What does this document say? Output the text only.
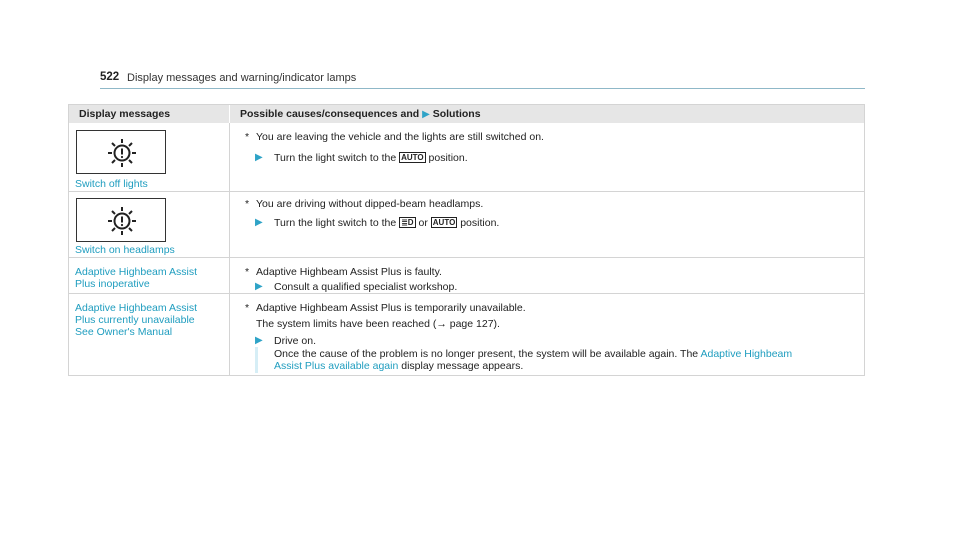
522 Display messages and warning/indicator lamps
Display messages	Possible causes/consequences and ▶ Solutions
Switch off lights
* You are leaving the vehicle and the lights are still switched on.
▶ Turn the light switch to the AUTO position.
Switch on headlamps
* You are driving without dipped-beam headlamps.
▶ Turn the light switch to the ≣D or AUTO position.
Adaptive Highbeam Assist
Plus inoperative
* Adaptive Highbeam Assist Plus is faulty.
▶ Consult a qualified specialist workshop.
Adaptive Highbeam Assist
Plus currently unavailable
See Owner's Manual
* Adaptive Highbeam Assist Plus is temporarily unavailable.
The system limits have been reached (→ page 127).
▶ Drive on.
Once the cause of the problem is no longer present, the system will be available again. The Adaptive Highbeam
Assist Plus available again display message appears.
